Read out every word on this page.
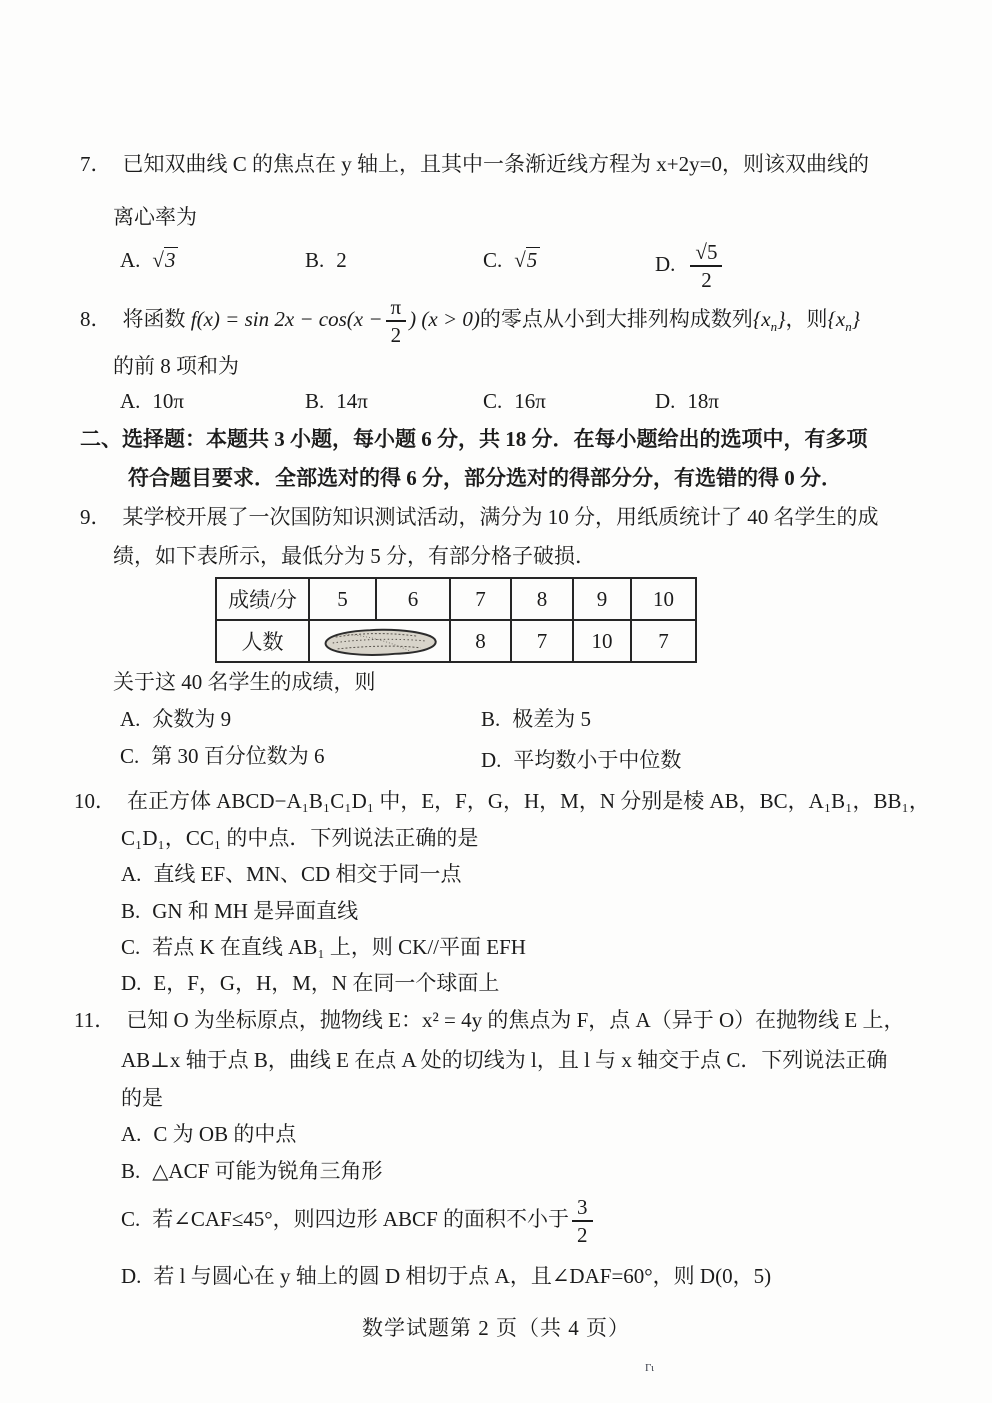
7． 已知双曲线 C 的焦点在 y 轴上，且其中一条渐近线方程为 x+2y=0，则该双曲线的
离心率为
A. √3	B. 2	C. √5	D. $\frac{√5}{2}$
8． 将函数 $f(x) = \sin 2x - \cos(x - \frac{\pi}{2}$ ) (x > 0)的零点从小到大排列构成数列$\{x_n\}$，则$\{x_n\}$
的前 8 项和为
A. 10π	B. 14π	C. 16π	D. 18π
二、选择题：本题共 3 小题，每小题 6 分，共 18 分．在每小题给出的选项中，有多项
符合题目要求．全部选对的得 6 分，部分选对的得部分分，有选错的得 0 分．
9． 某学校开展了一次国防知识测试活动，满分为 10 分，用纸质统计了 40 名学生的成
绩，如下表所示，最低分为 5 分，有部分格子破损．
成绩/分	5	6	7	8	9	10
人数			8	7	10	7
关于这 40 名学生的成绩，则
A. 众数为 9	B. 极差为 5
C. 第 30 百分位数为 6	D. 平均数小于中位数
10． 在正方体 ABCD−A₁B₁C₁D₁ 中，E，F，G，H，M，N 分别是棱 AB，BC，A₁B₁，BB₁，
C₁D₁，CC₁ 的中点．下列说法正确的是
A. 直线 EF、MN、CD 相交于同一点
B. GN 和 MH 是异面直线
C. 若点 K 在直线 AB₁ 上，则 CK//平面 EFH
D. E，F，G，H，M，N 在同一个球面上
11． 已知 O 为坐标原点，抛物线 E：x² = 4y 的焦点为 F，点 A（异于 O）在抛物线 E 上，
AB⊥x 轴于点 B，曲线 E 在点 A 处的切线为 l，且 l 与 x 轴交于点 C．下列说法正确
的是
A. C 为 OB 的中点
B. △ACF 可能为锐角三角形
C. 若∠CAF≤45°，则四边形 ABCF 的面积不小于 $\frac{3}{2}$
D. 若 l 与圆心在 y 轴上的圆 D 相切于点 A，且∠DAF=60°，则 D(0，5)
数学试题第 2 页（共 4 页）
Γι
